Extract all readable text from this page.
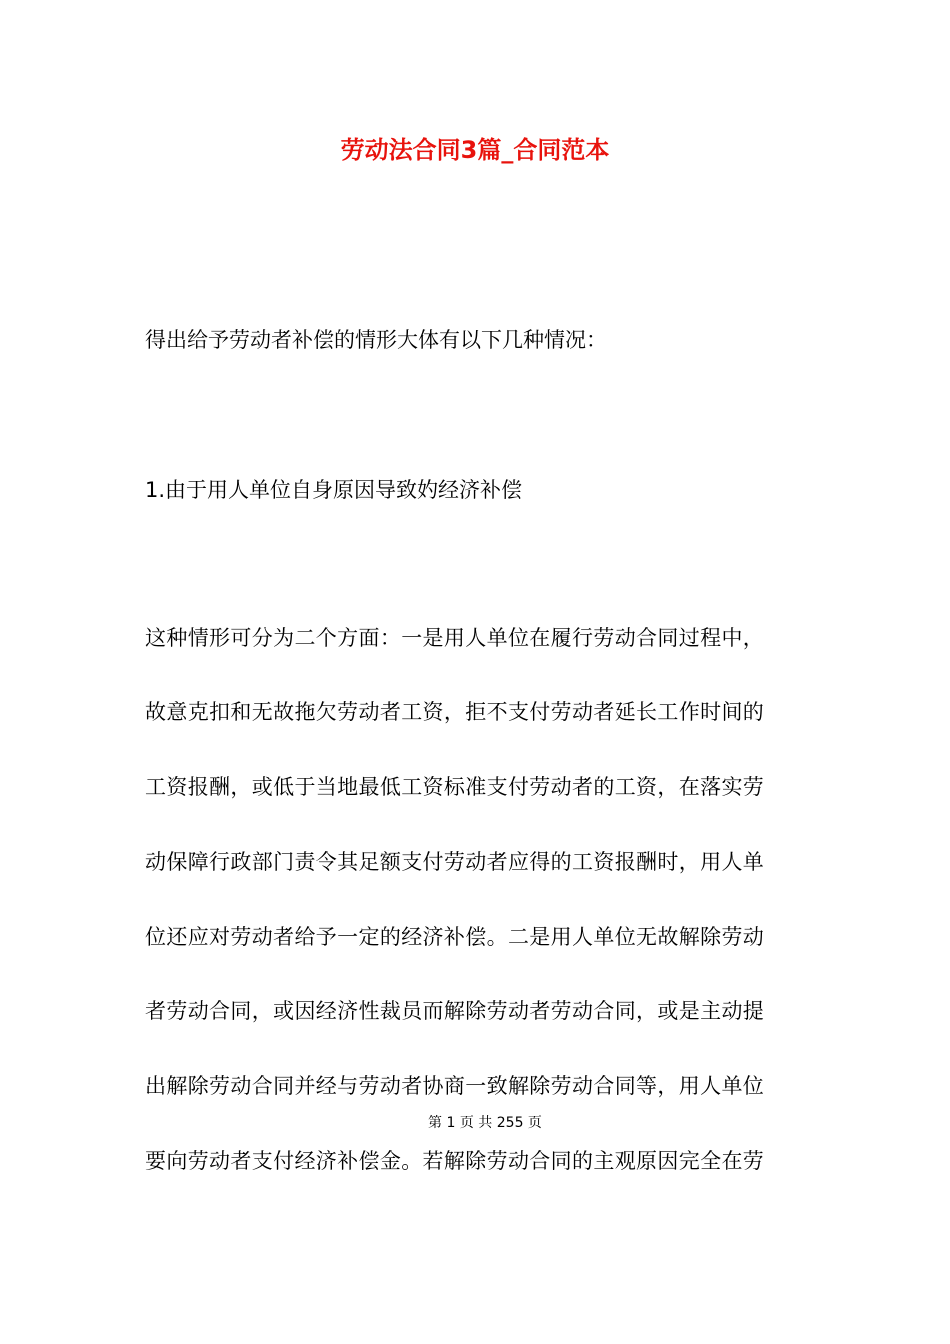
劳动法合同3篇_合同范本
得出给予劳动者补偿的情形大体有以下几种情况：
1.由于用人单位自身原因导致妁经济补偿
这种情形可分为二个方面：一是用人单位在履行劳动合同过程中，
故意克扣和无故拖欠劳动者工资，拒不支付劳动者延长工作时间的
工资报酬，或低于当地最低工资标准支付劳动者的工资，在落实劳
动保障行政部门责令其足额支付劳动者应得的工资报酬时，用人单
位还应对劳动者给予一定的经济补偿。二是用人单位无故解除劳动
者劳动合同，或因经济性裁员而解除劳动者劳动合同，或是主动提
出解除劳动合同并经与劳动者协商一致解除劳动合同等，用人单位
第 1 页 共 255 页
要向劳动者支付经济补偿金。若解除劳动合同的主观原因完全在劳
